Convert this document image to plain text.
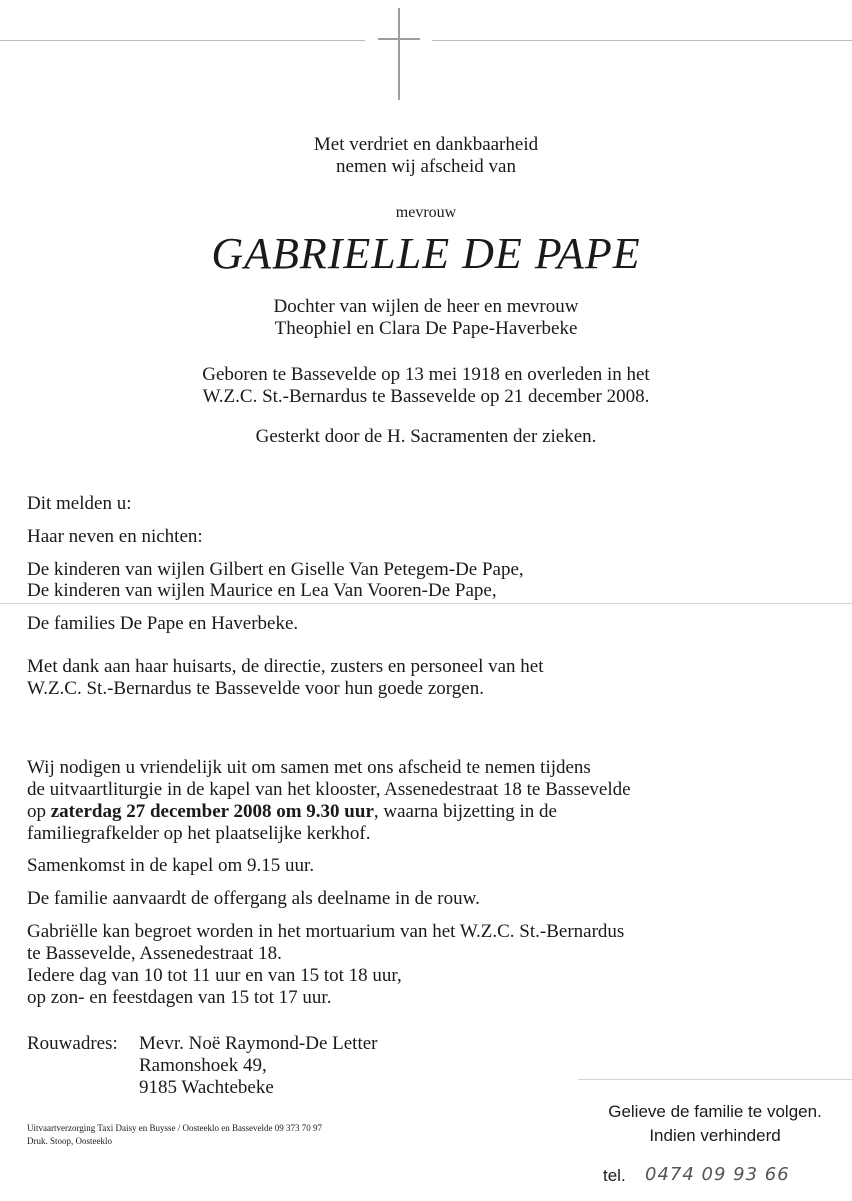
Met verdriet en dankbaarheid
nemen wij afscheid van
mevrouw
GABRIELLE DE PAPE
Dochter van wijlen de heer en mevrouw
Theophiel en Clara De Pape-Haverbeke
Geboren te Bassevelde op 13 mei 1918 en overleden in het
W.Z.C. St.-Bernardus te Bassevelde op 21 december 2008.
Gesterkt door de H. Sacramenten der zieken.
Dit melden u:
Haar neven en nichten:
De kinderen van wijlen Gilbert en Giselle Van Petegem-De Pape,
De kinderen van wijlen Maurice en Lea Van Vooren-De Pape,
De families De Pape en Haverbeke.
Met dank aan haar huisarts, de directie, zusters en personeel van het
W.Z.C. St.-Bernardus te Bassevelde voor hun goede zorgen.
Wij nodigen u vriendelijk uit om samen met ons afscheid te nemen tijdens
de uitvaartliturgie in de kapel van het klooster, Assenedestraat 18 te Bassevelde
op zaterdag 27 december 2008 om 9.30 uur, waarna bijzetting in de
familiegrafkelder op het plaatselijke kerkhof.
Samenkomst in de kapel om 9.15 uur.
De familie aanvaardt de offergang als deelname in de rouw.
Gabriëlle kan begroet worden in het mortuarium van het W.Z.C. St.-Bernardus
te Bassevelde, Assenedestraat 18.
Iedere dag van 10 tot 11 uur en van 15 tot 18 uur,
op zon- en feestdagen van 15 tot 17 uur.
Rouwadres: Mevr. Noë Raymond-De Letter
Ramonshoek 49,
9185 Wachtebeke
Uitvaartverzorging Taxi Daisy en Buysse / Oosteeklo en Bassevelde 09 373 70 97
Druk. Stoop, Oosteeklo
Gelieve de familie te volgen.
Indien verhinderd
tel. 0474 09 93 66
